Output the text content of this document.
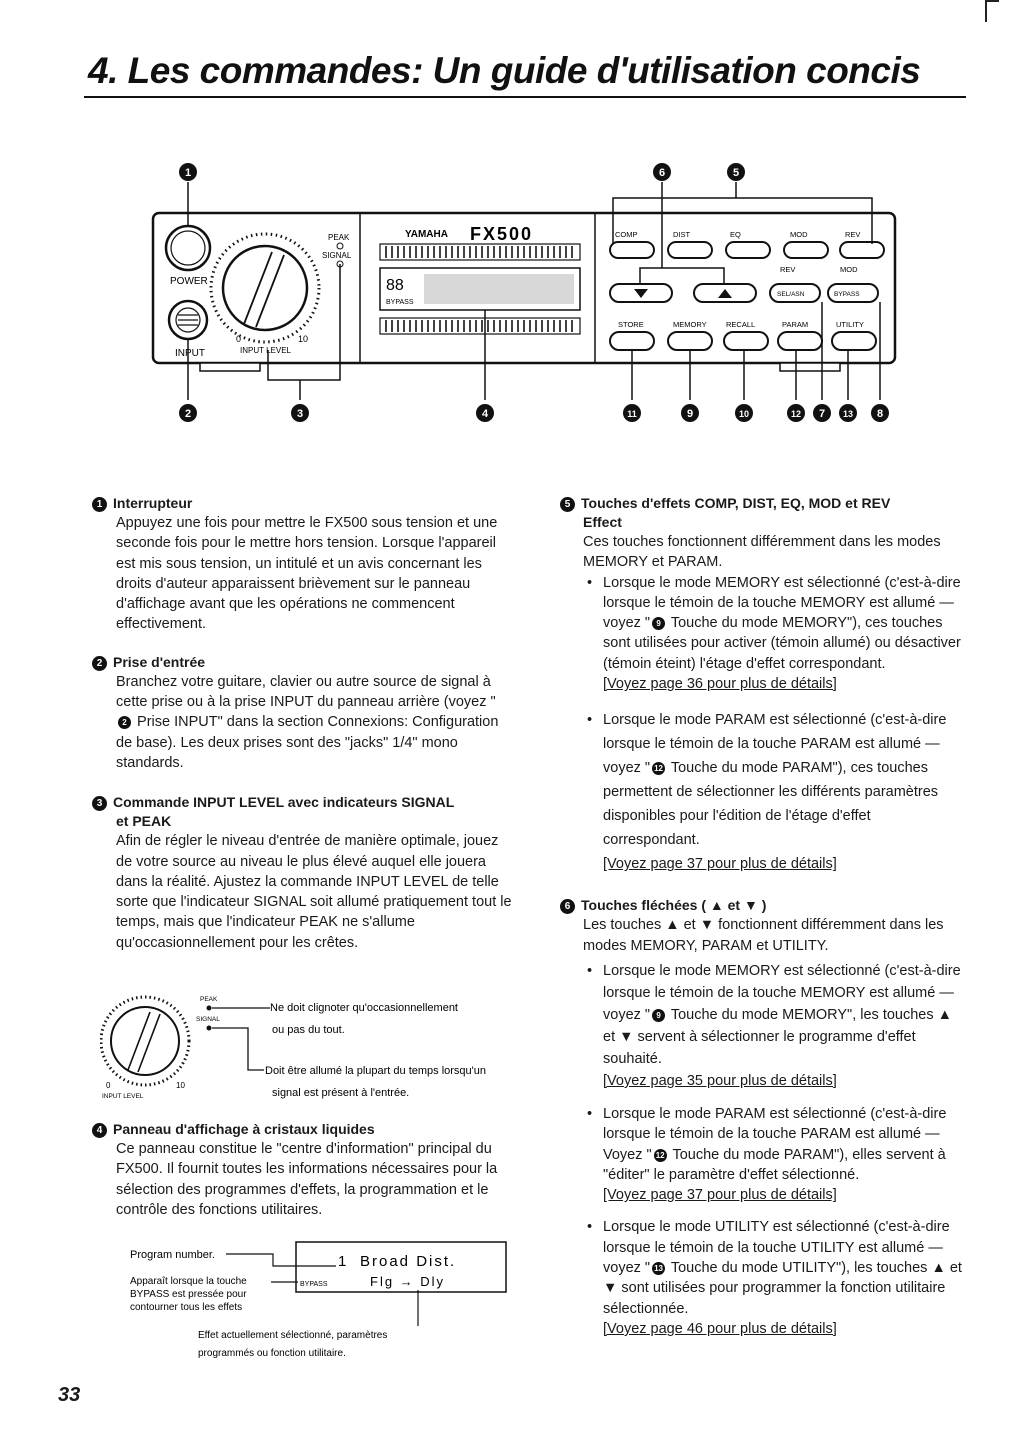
4. Les commandes: Un guide d'utilisation concis
POWER
INPUT
0	10
INPUT LEVEL
PEAK
SIGNAL
YAMAHA FX500
88
BYPASS
COMP	DIST	EQ	MOD	REV
REV	MOD
SEL/ASN	BYPASS
STORE	MEMORY	RECALL	PARAM	UTILITY
1	6	5
2	3	4	11	9	10	12 7 13 8
1 Interrupteur
Appuyez une fois pour mettre le FX500 sous tension et une seconde fois pour le mettre hors tension. Lorsque l'appareil est mis sous tension, un intitulé et un avis concernant les droits d'auteur apparaissent brièvement sur le panneau d'affichage avant que les opérations ne commencent effectivement.
2 Prise d'entrée
Branchez votre guitare, clavier ou autre source de signal à cette prise ou à la prise INPUT du panneau arrière (voyez "2 Prise INPUT" dans la section Connexions: Configuration de base). Les deux prises sont des "jacks" 1/4" mono standards.
3 Commande INPUT LEVEL avec indicateurs SIGNAL
et PEAK
Afin de régler le niveau d'entrée de manière optimale, jouez de votre source au niveau le plus élevé auquel elle jouera dans la réalité. Ajustez la commande INPUT LEVEL de telle sorte que l'indicateur SIGNAL soit allumé pratiquement tout le temps, mais que l'indicateur PEAK ne s'allume qu'occasionnellement pour les crêtes.
0	10
INPUT LEVEL
PEAK
SIGNAL
Ne doit clignoter qu'occasionnellement
ou pas du tout.
Doit être allumé la plupart du temps lorsqu'un
signal est présent à l'entrée.
4 Panneau d'affichage à cristaux liquides
Ce panneau constitue le "centre d'information" principal du FX500. Il fournit toutes les informations nécessaires pour la sélection des programmes d'effets, la programmation et le contrôle des fonctions utilitaires.
Program number.	1 Broad Dist.
Flg → Dly
BYPASS
Apparaît lorsque la touche
BYPASS est pressée pour
contourner tous les effets
Effet actuellement sélectionné, paramètres
programmés ou fonction utilitaire.
5 Touches d'effets COMP, DIST, EQ, MOD et REV
Effect
Ces touches fonctionnent différemment dans les modes MEMORY et PARAM.
• Lorsque le mode MEMORY est sélectionné (c'est-à-dire lorsque le témoin de la touche MEMORY est allumé — voyez " 9 Touche du mode MEMORY"), ces touches sont utilisées pour activer (témoin allumé) ou désactiver (témoin éteint) l'étage d'effet correspondant.
[Voyez page 36 pour plus de détails]
• Lorsque le mode PARAM est sélectionné (c'est-à-dire lorsque le témoin de la touche PARAM est allumé — voyez " 12 Touche du mode PARAM"), ces touches permettent de sélectionner les différents paramètres disponibles pour l'édition de l'étage d'effet correspondant.
[Voyez page 37 pour plus de détails]
6 Touches fléchées ( ▲ et ▼ )
Les touches ▲ et ▼ fonctionnent différemment dans les modes MEMORY, PARAM et UTILITY.
• Lorsque le mode MEMORY est sélectionné (c'est-à-dire lorsque le témoin de la touche MEMORY est allumé — voyez " 9 Touche du mode MEMORY", les touches ▲ et ▼ servent à sélectionner le programme d'effet souhaité.
[Voyez page 35 pour plus de détails]
• Lorsque le mode PARAM est sélectionné (c'est-à-dire lorsque le témoin de la touche PARAM est allumé — Voyez " 12 Touche du mode PARAM"), elles servent à "éditer" le paramètre d'effet sélectionné.
[Voyez page 37 pour plus de détails]
• Lorsque le mode UTILITY est sélectionné (c'est-à-dire lorsque le témoin de la touche UTILITY est allumé — voyez " 13 Touche du mode UTILITY"), les touches ▲ et ▼ sont utilisées pour programmer la fonction utilitaire sélectionnée.
[Voyez page 46 pour plus de détails]
33
